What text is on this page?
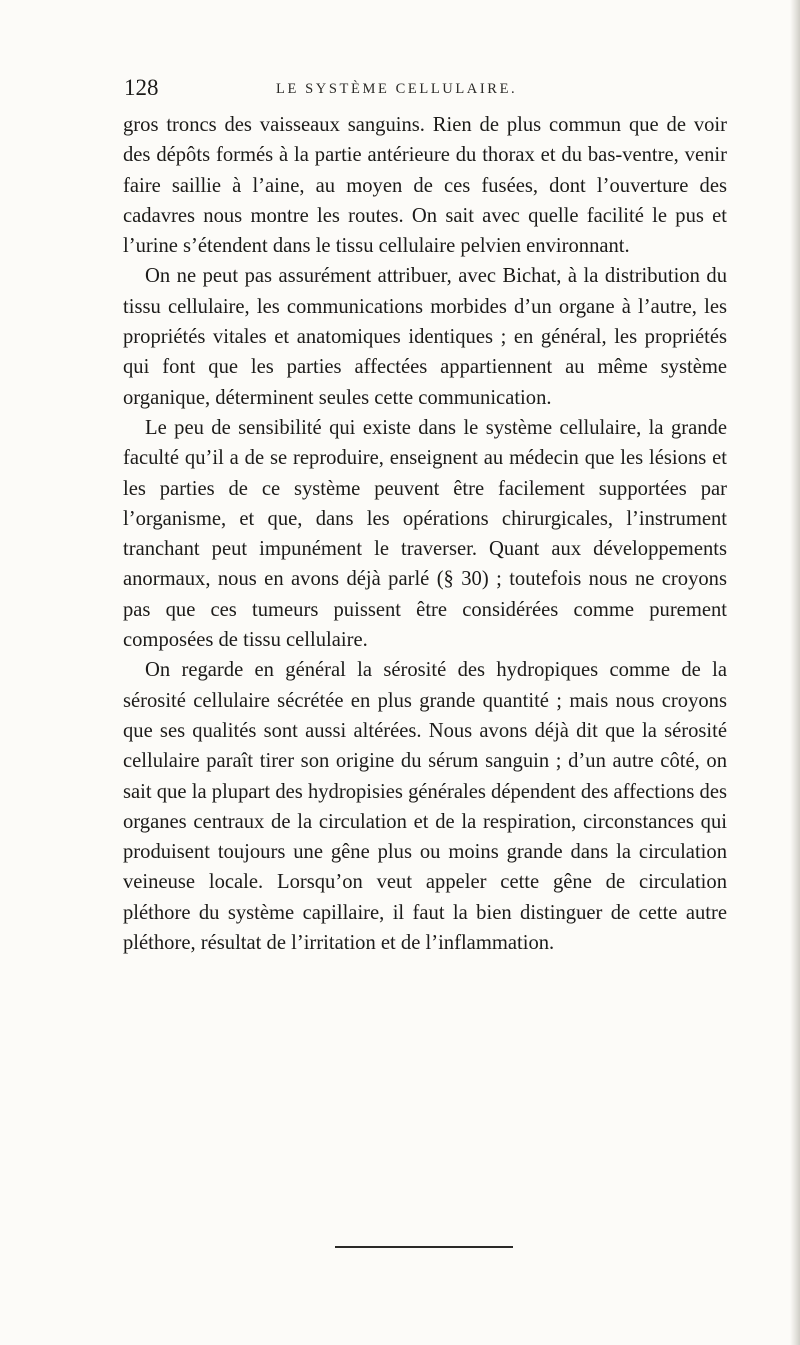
128	LE SYSTÈME CELLULAIRE.

gros troncs des vaisseaux sanguins. Rien de plus commun que de voir des dépôts formés à la partie antérieure du thorax et du bas-ventre, venir faire saillie à l’aine, au moyen de ces fusées, dont l’ouverture des cadavres nous montre les routes. On sait avec quelle facilité le pus et l’urine s’étendent dans le tissu cellulaire pelvien environnant.

On ne peut pas assurément attribuer, avec Bichat, à la distribution du tissu cellulaire, les communications morbides d’un organe à l’autre, les propriétés vitales et anatomiques identiques ; en général, les propriétés qui font que les parties affectées appartiennent au même système organique, déterminent seules cette communication.

Le peu de sensibilité qui existe dans le système cellulaire, la grande faculté qu’il a de se reproduire, enseignent au médecin que les lésions et les parties de ce système peuvent être facilement supportées par l’organisme, et que, dans les opérations chirurgicales, l’instrument tranchant peut impunément le traverser. Quant aux développements anormaux, nous en avons déjà parlé (§ 30) ; toutefois nous ne croyons pas que ces tumeurs puissent être considérées comme purement composées de tissu cellulaire.

On regarde en général la sérosité des hydropiques comme de la sérosité cellulaire sécrétée en plus grande quantité ; mais nous croyons que ses qualités sont aussi altérées. Nous avons déjà dit que la sérosité cellulaire paraît tirer son origine du sérum sanguin ; d’un autre côté, on sait que la plupart des hydropisies générales dépendent des affections des organes centraux de la circulation et de la respiration, circonstances qui produisent toujours une gêne plus ou moins grande dans la circulation veineuse locale. Lorsqu’on veut appeler cette gêne de circulation pléthore du système capillaire, il faut la bien distinguer de cette autre pléthore, résultat de l’irritation et de l’inflammation.
